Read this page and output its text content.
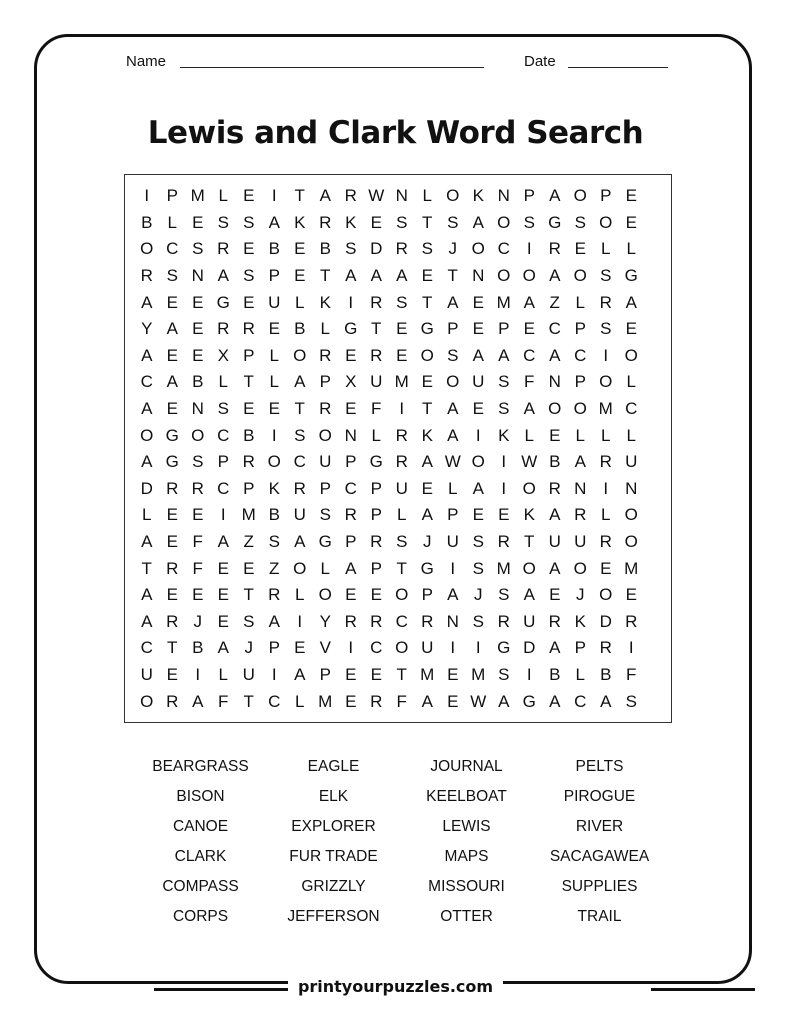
Name	Date
Lewis and Clark Word Search
I	P M L E	I	T A R W N L O K N P A O P E
B L E S S A K R K E S T S A O S G S O E
O C S R E B E B S D R S J O C I	R E L L
R S N A S P E T A A A E T N O O A O S G
A E E G E U L K	I	R S T A E M A Z L R A
Y A E R R E B L G T E G P E P E C P S E
A E E X P L O R E R E O S A A C A C I O
C A B L T L A P X U M E O U S F N P O L
A E N S E E T R E F	I	T A E S A O O M C
O G O C B	I	S O N L R K A	I	K L E L L L
A G S P R O C U P G R A W O I W B A R U
D R R C P K R P C P U E L A	I O R N I	N
L E E	I M B U S R P L A P E E K A R L O
A E F A Z S A G P R S J U S R T U U R O
T R F E E Z O L A P T G I	S M O A O E M
A E E E T R L O E E O P A J S A E J O E
A R J E S A	I	Y R R C R N S R U R K D R
C T B A J P E V	I	C O U I	I G D A P R I
U E	I	L U I	A P E E T M E M S	I	B L B F
O R A F T C L M E R F A E W A G A C A S
BEARGRASS	EAGLE	JOURNAL	PELTS
BISON	ELK	KEELBOAT	PIROGUE
CANOE	EXPLORER	LEWIS	RIVER
CLARK	FUR TRADE	MAPS	SACAGAWEA
COMPASS	GRIZZLY	MISSOURI	SUPPLIES
CORPS	JEFFERSON	OTTER	TRAIL
printyourpuzzles.com
